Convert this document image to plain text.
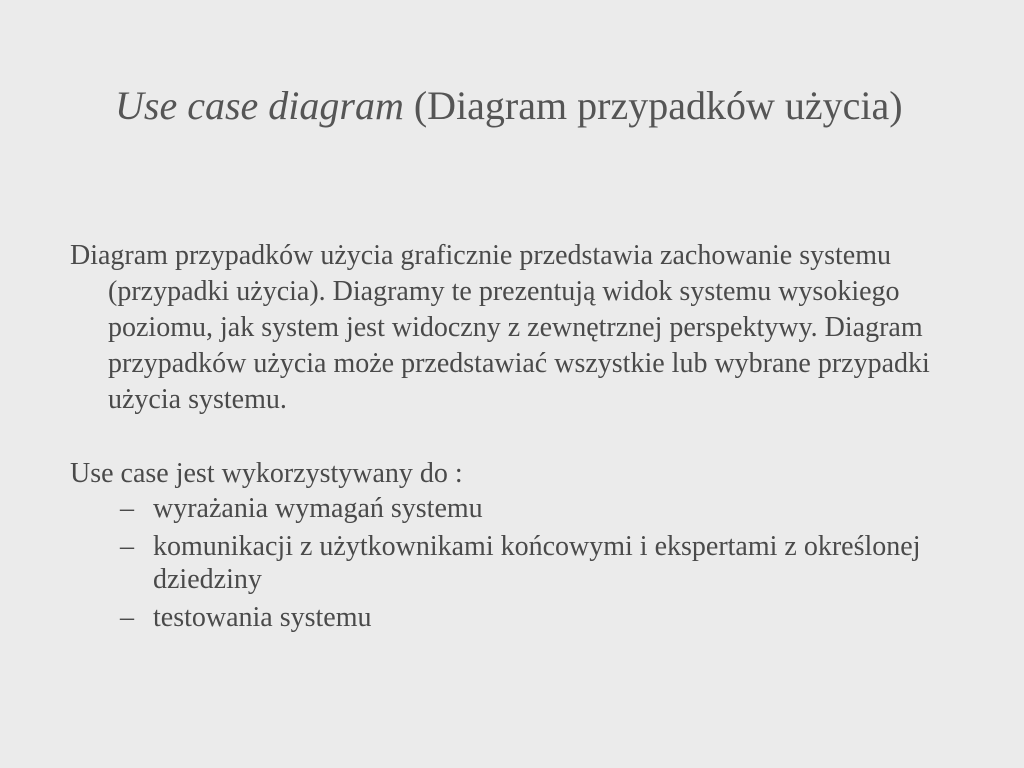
Use case diagram (Diagram przypadków użycia)

Diagram przypadków użycia graficznie przedstawia zachowanie systemu (przypadki użycia). Diagramy te prezentują widok systemu wysokiego poziomu, jak system jest widoczny z zewnętrznej perspektywy. Diagram przypadków użycia może przedstawiać wszystkie lub wybrane przypadki użycia systemu.

Use case jest wykorzystywany do :

– wyrażania wymagań systemu
– komunikacji z użytkownikami końcowymi i ekspertami z określonej dziedziny
– testowania systemu
